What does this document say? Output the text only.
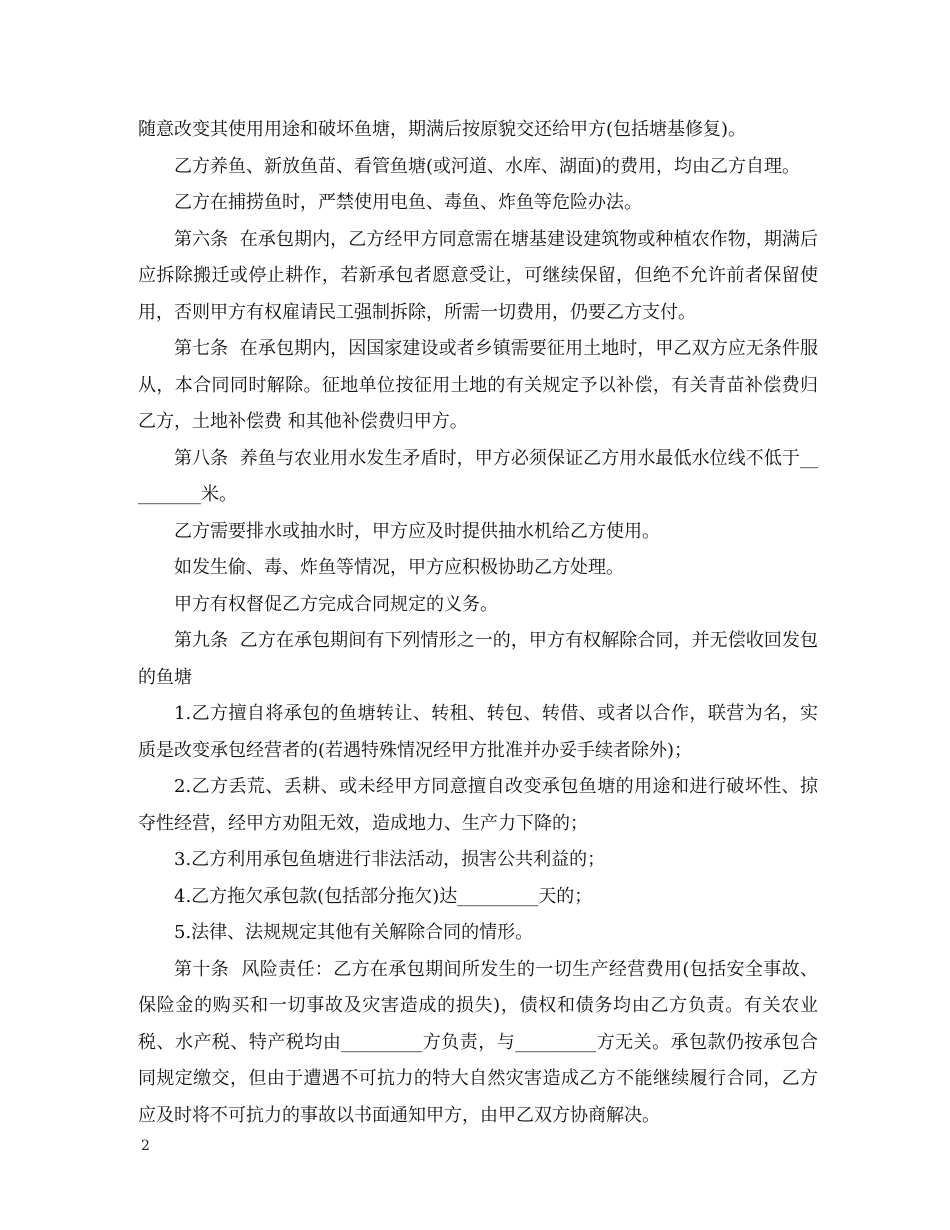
随意改变其使用用途和破坏鱼塘，期满后按原貌交还给甲方(包括塘基修复)。

乙方养鱼、新放鱼苗、看管鱼塘(或河道、水库、湖面)的费用，均由乙方自理。

乙方在捕捞鱼时，严禁使用电鱼、毒鱼、炸鱼等危险办法。

第六条  在承包期内，乙方经甲方同意需在塘基建设建筑物或种植农作物，期满后应拆除搬迁或停止耕作，若新承包者愿意受让，可继续保留，但绝不允许前者保留使用，否则甲方有权雇请民工强制拆除，所需一切费用，仍要乙方支付。

第七条  在承包期内，因国家建设或者乡镇需要征用土地时，甲乙双方应无条件服从，本合同同时解除。征地单位按征用土地的有关规定予以补偿，有关青苗补偿费归乙方，土地补偿费 和其他补偿费归甲方。

第八条  养鱼与农业用水发生矛盾时，甲方必须保证乙方用水最低水位线不低于_________米。

乙方需要排水或抽水时，甲方应及时提供抽水机给乙方使用。

如发生偷、毒、炸鱼等情况，甲方应积极协助乙方处理。

甲方有权督促乙方完成合同规定的义务。

第九条  乙方在承包期间有下列情形之一的，甲方有权解除合同，并无偿收回发包的鱼塘

1.乙方擅自将承包的鱼塘转让、转租、转包、转借、或者以合作，联营为名，实质是改变承包经营者的(若遇特殊情况经甲方批准并办妥手续者除外)；

2.乙方丢荒、丢耕、或未经甲方同意擅自改变承包鱼塘的用途和进行破坏性、掠夺性经营，经甲方劝阻无效，造成地力、生产力下降的；

3.乙方利用承包鱼塘进行非法活动，损害公共利益的；

4.乙方拖欠承包款(包括部分拖欠)达_________天的；

5.法律、法规规定其他有关解除合同的情形。

第十条  风险责任：乙方在承包期间所发生的一切生产经营费用(包括安全事故、保险金的购买和一切事故及灾害造成的损失)，债权和债务均由乙方负责。有关农业税、水产税、特产税均由_________方负责，与_________方无关。承包款仍按承包合同规定缴交，但由于遭遇不可抗力的特大自然灾害造成乙方不能继续履行合同，乙方应及时将不可抗力的事故以书面通知甲方，由甲乙双方协商解决。

2
